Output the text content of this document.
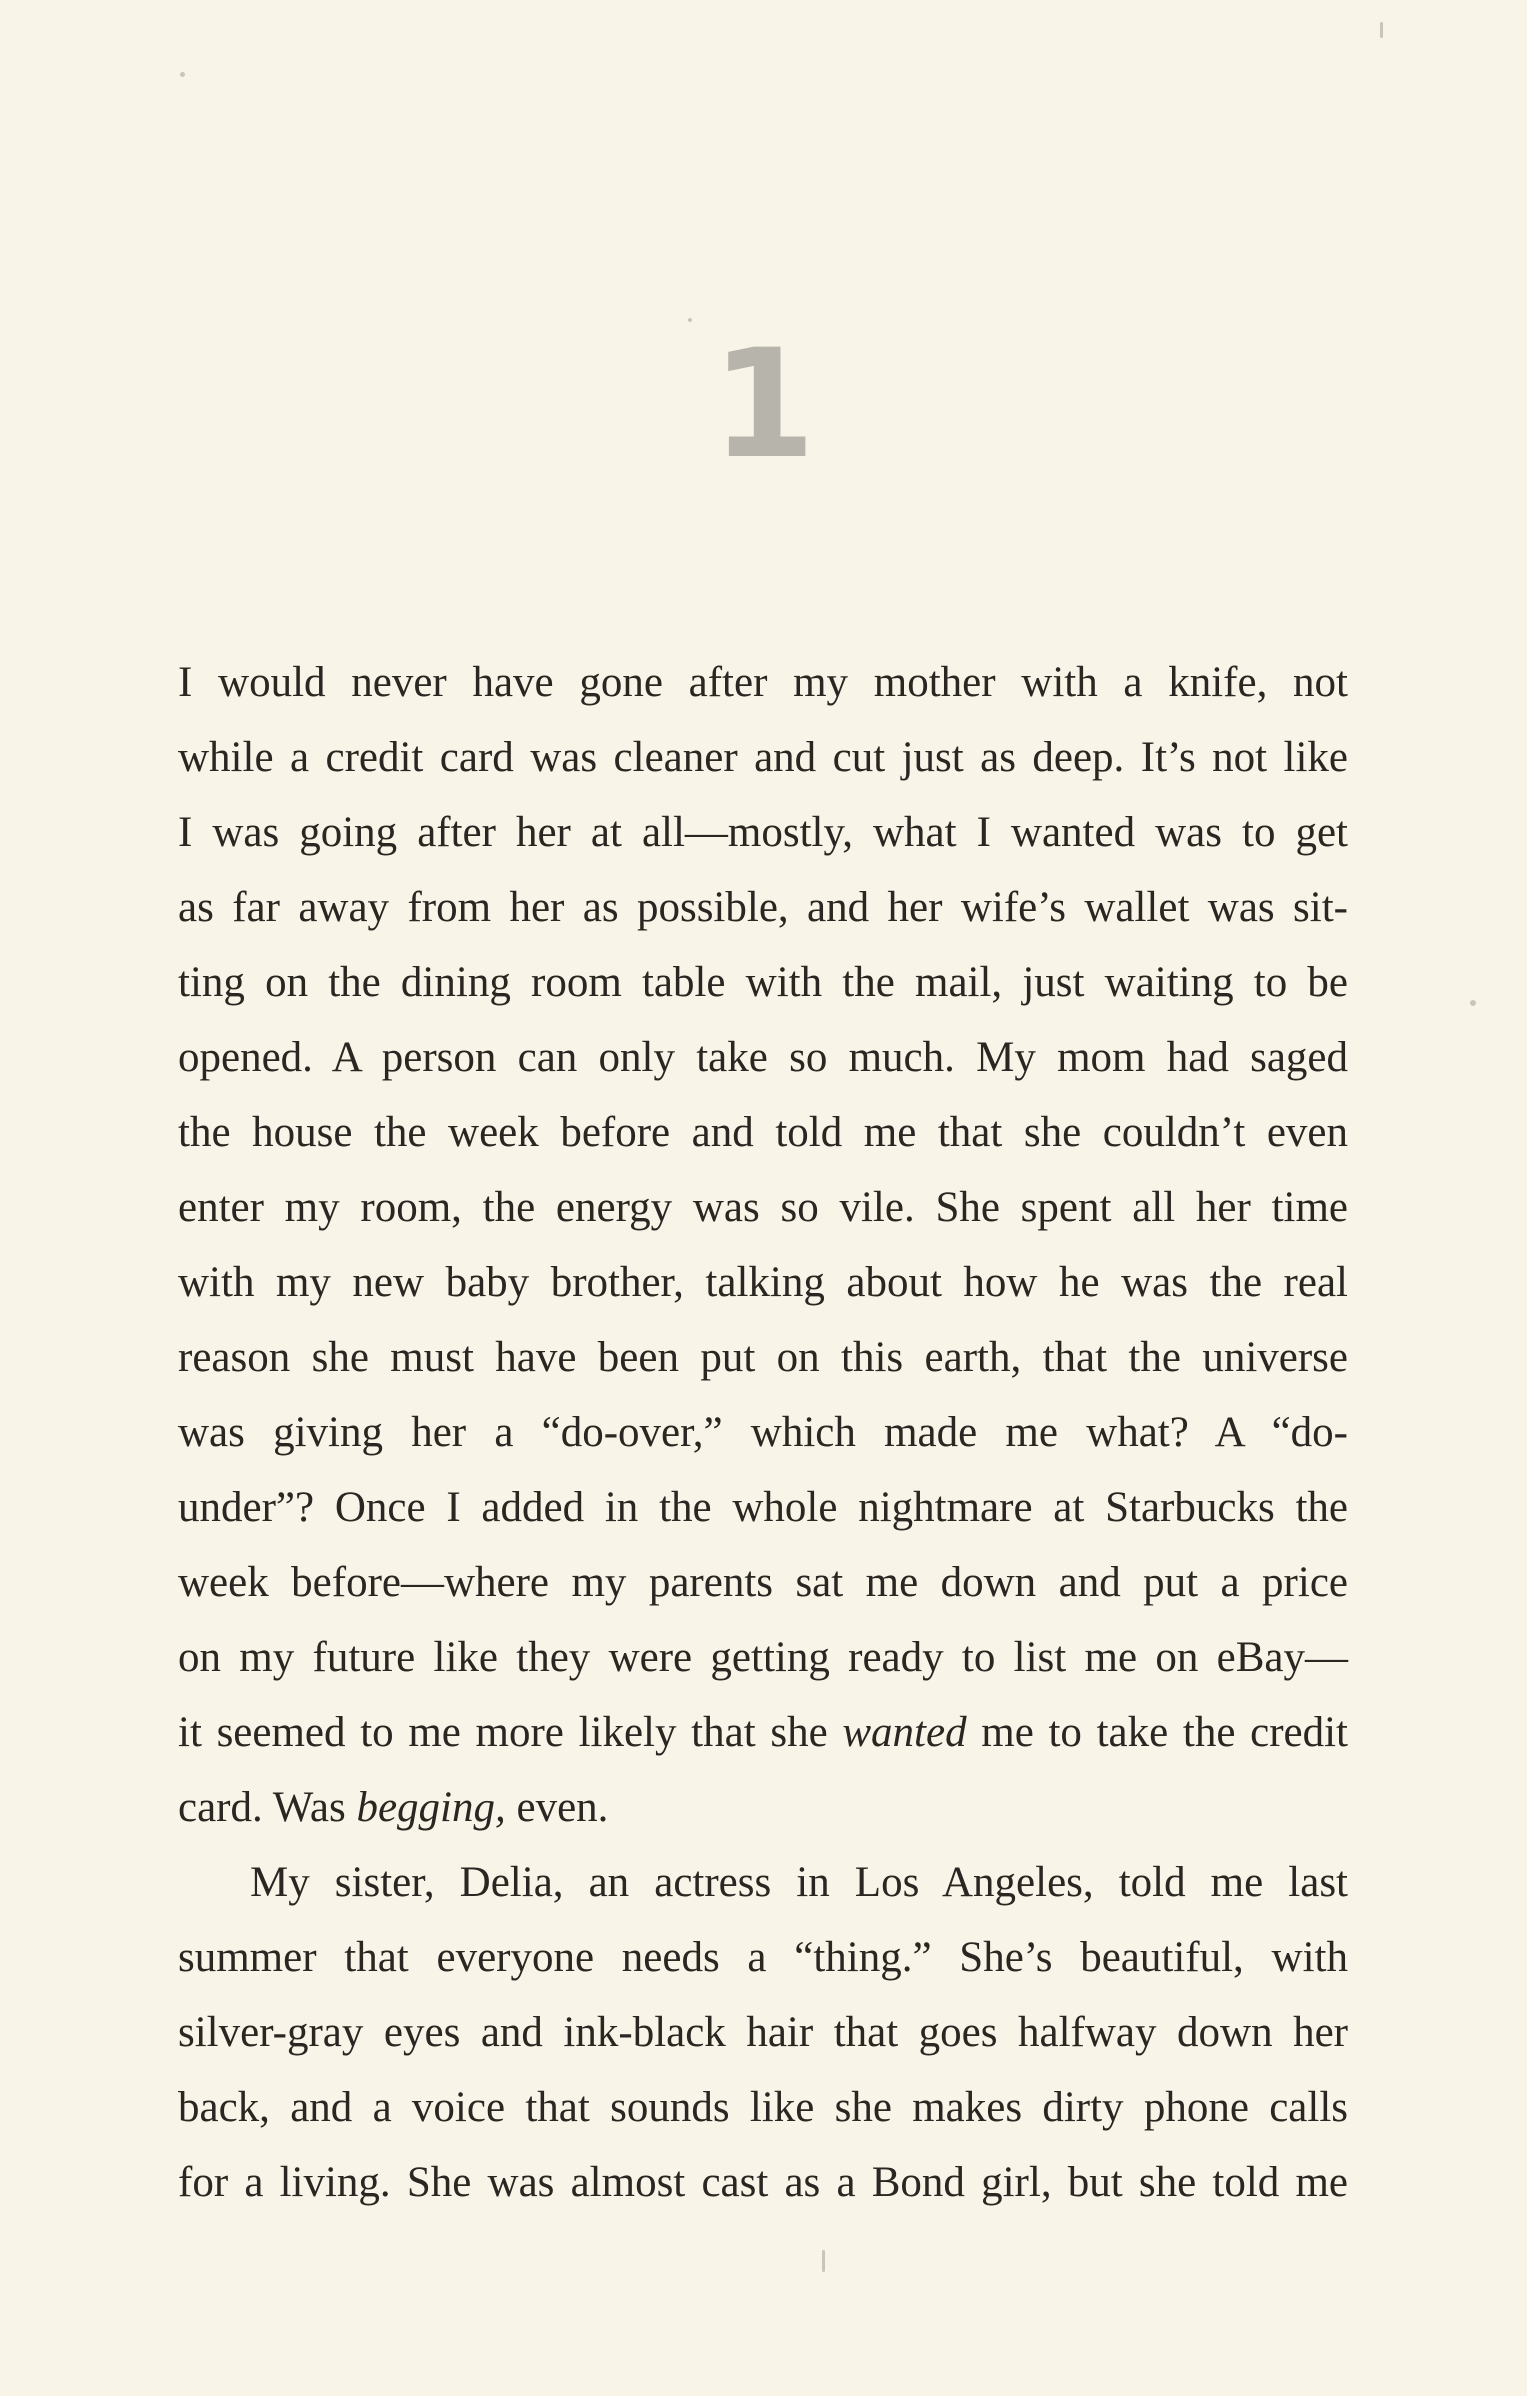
1
I would never have gone after my mother with a knife, not
while a credit card was cleaner and cut just as deep. It’s not like
I was going after her at all—mostly, what I wanted was to get
as far away from her as possible, and her wife’s wallet was sit-
ting on the dining room table with the mail, just waiting to be
opened. A person can only take so much. My mom had saged
the house the week before and told me that she couldn’t even
enter my room, the energy was so vile. She spent all her time
with my new baby brother, talking about how he was the real
reason she must have been put on this earth, that the universe
was giving her a “do-over,” which made me what? A “do-
under”? Once I added in the whole nightmare at Starbucks the
week before—where my parents sat me down and put a price
on my future like they were getting ready to list me on eBay—
it seemed to me more likely that she wanted me to take the credit
card. Was begging, even.
My sister, Delia, an actress in Los Angeles, told me last
summer that everyone needs a “thing.” She’s beautiful, with
silver-gray eyes and ink-black hair that goes halfway down her
back, and a voice that sounds like she makes dirty phone calls
for a living. She was almost cast as a Bond girl, but she told me
